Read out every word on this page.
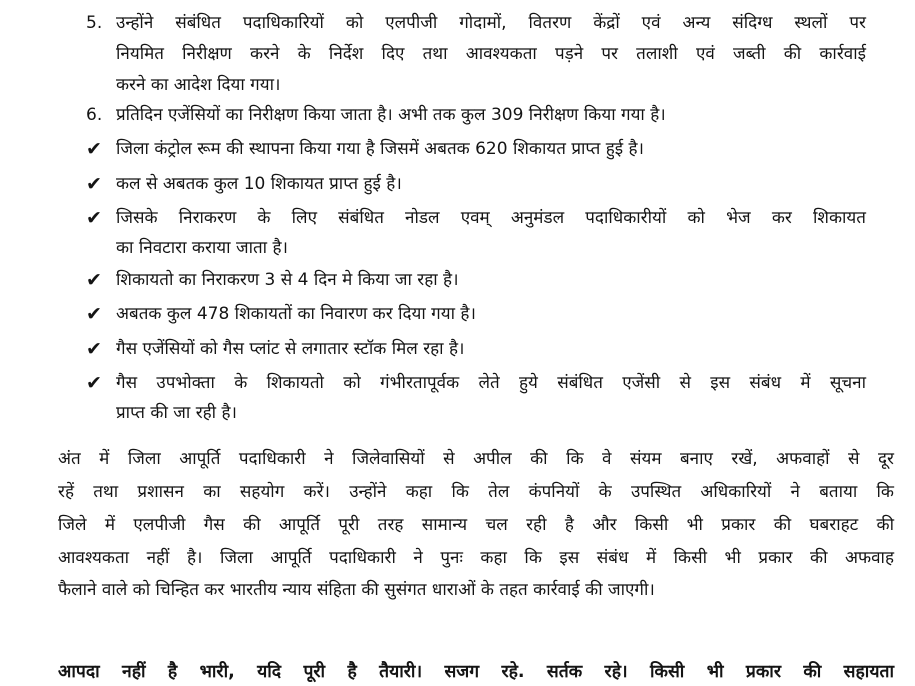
5. उन्होंने संबंधित पदाधिकारियों को एलपीजी गोदामों, वितरण केंद्रों एवं अन्य संदिग्ध स्थलों पर
नियमित निरीक्षण करने के निर्देश दिए तथा आवश्यकता पड़ने पर तलाशी एवं जब्ती की कार्रवाई
करने का आदेश दिया गया।
6. प्रतिदिन एजेंसियों का निरीक्षण किया जाता है। अभी तक कुल 309 निरीक्षण किया गया है।
✔ जिला कंट्रोल रूम की स्थापना किया गया है जिसमें अबतक 620 शिकायत प्राप्त हुई है।
✔ कल से अबतक कुल 10 शिकायत प्राप्त हुई है।
✔ जिसके निराकरण के लिए संबंधित नोडल एवम् अनुमंडल पदाधिकारीयों को भेज कर शिकायत
का निवटारा कराया जाता है।
✔ शिकायतो का निराकरण 3 से 4 दिन मे किया जा रहा है।
✔ अबतक कुल 478 शिकायतों का निवारण कर दिया गया है।
✔ गैस एजेंसियों को गैस प्लांट से लगातार स्टॉक मिल रहा है।
✔ गैस उपभोक्ता के शिकायतो को गंभीरतापूर्वक लेते हुये संबंधित एजेंसी से इस संबंध में सूचना
प्राप्त की जा रही है।
अंत में जिला आपूर्ति पदाधिकारी ने जिलेवासियों से अपील की कि वे संयम बनाए रखें, अफवाहों से दूर
रहें तथा प्रशासन का सहयोग करें। उन्होंने कहा कि तेल कंपनियों के उपस्थित अधिकारियों ने बताया कि
जिले में एलपीजी गैस की आपूर्ति पूरी तरह सामान्य चल रही है और किसी भी प्रकार की घबराहट की
आवश्यकता नहीं है। जिला आपूर्ति पदाधिकारी ने पुनः कहा कि इस संबंध में किसी भी प्रकार की अफवाह
फैलाने वाले को चिन्हित कर भारतीय न्याय संहिता की सुसंगत धाराओं के तहत कार्रवाई की जाएगी।
आपदा नहीं है भारी, यदि पूरी है तैयारी। सजग रहे. सर्तक रहे। किसी भी प्रकार की सहायता
